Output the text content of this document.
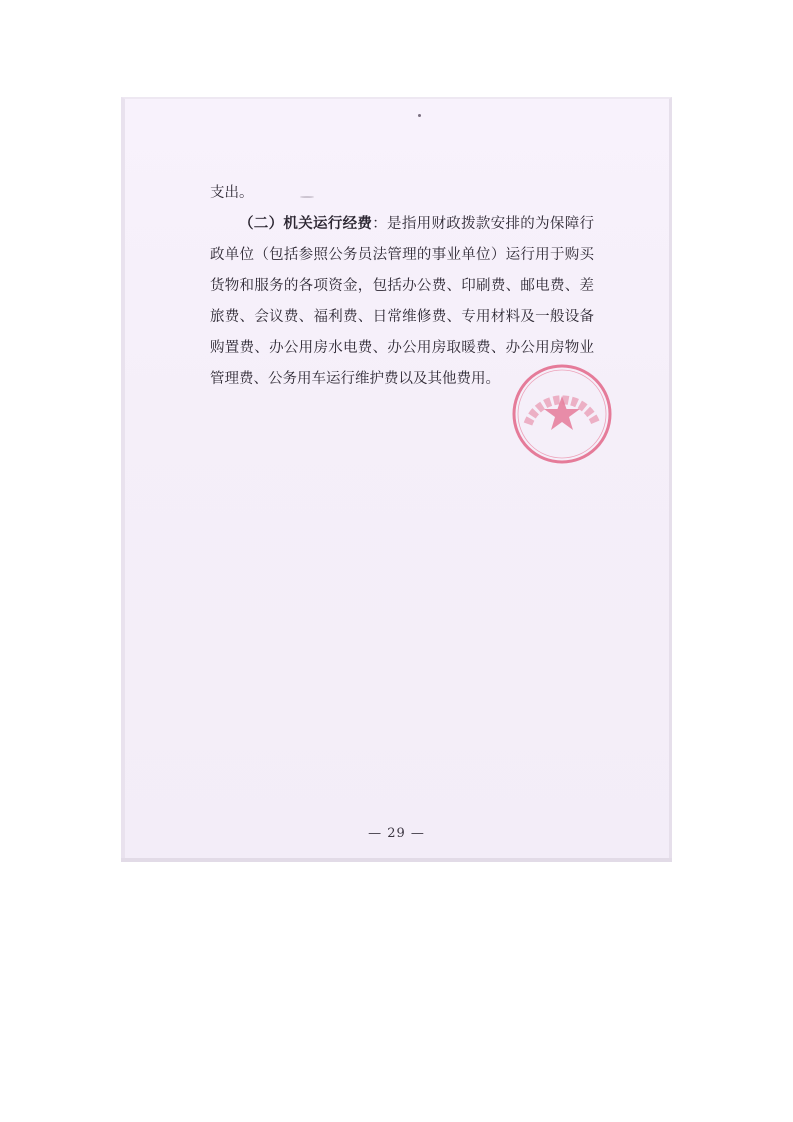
支出。

（二）机关运行经费：是指用财政拨款安排的为保障行政单位（包括参照公务员法管理的事业单位）运行用于购买货物和服务的各项资金，包括办公费、印刷费、邮电费、差旅费、会议费、福利费、日常维修费、专用材料及一般设备购置费、办公用房水电费、办公用房取暖费、办公用房物业管理费、公务用车运行维护费以及其他费用。

— 29 —
